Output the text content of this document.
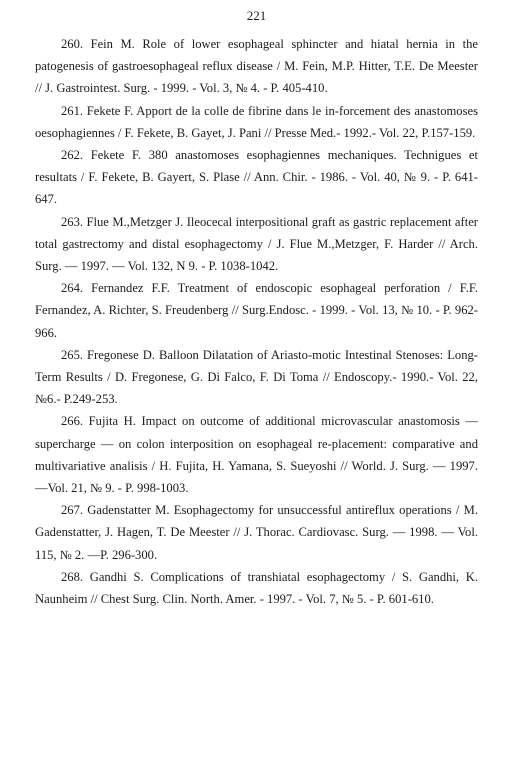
221

260. Fein M. Role of lower esophageal sphincter and hiatal hernia in the patogenesis of gastroesophageal reflux disease / M. Fein, M.P. Hitter, T.E. De Meester // J. Gastrointest. Surg. - 1999. - Vol. 3, № 4. - P. 405-410.

261. Fekete F. Apport de la colle de fibrine dans le in-forcement des anastomoses oesophagiennes / F. Fekete, B. Gayet, J. Pani // Presse Med.- 1992.- Vol. 22, P.157-159.

262. Fekete F. 380 anastomoses esophagiennes mechaniques. Technigues et resultats / F. Fekete, B. Gayert, S. Plase // Ann. Chir. - 1986. - Vol. 40, № 9. - P. 641-647.

263. Flue M.,Metzger J. Ileocecal interpositional graft as gastric replacement after total gastrectomy and distal esophagectomy / J. Flue M.,Metzger, F. Harder // Arch. Surg. — 1997. — Vol. 132, N 9. - P. 1038-1042.

264. Fernandez F.F. Treatment of endoscopic esophageal perforation / F.F. Fernandez, A. Richter, S. Freudenberg // Surg.Endosc. - 1999. - Vol. 13, № 10. - P. 962-966.

265. Fregonese D. Balloon Dilatation of Ariasto-motic Intestinal Stenoses: Long-Term Results / D. Fregonese, G. Di Falco, F. Di Toma // Endoscopy.- 1990.- Vol. 22, №6.- P.249-253.

266. Fujita H. Impact on outcome of additional microvascular anastomosis — supercharge — on colon interposition on esophageal re-placement: comparative and multivariative analisis / H. Fujita, H. Yamana, S. Sueyoshi // World. J. Surg. — 1997. —Vol. 21, № 9. - P. 998-1003.

267. Gadenstatter M. Esophagectomy for unsuccessful antireflux operations / M. Gadenstatter, J. Hagen, T. De Meester // J. Thorac. Cardiovasc. Surg. — 1998. — Vol. 115, № 2. —P. 296-300.

268. Gandhi S. Complications of transhiatal esophagectomy / S. Gandhi, K. Naunheim // Chest Surg. Clin. North. Amer. - 1997. - Vol. 7, № 5. - P. 601-610.
